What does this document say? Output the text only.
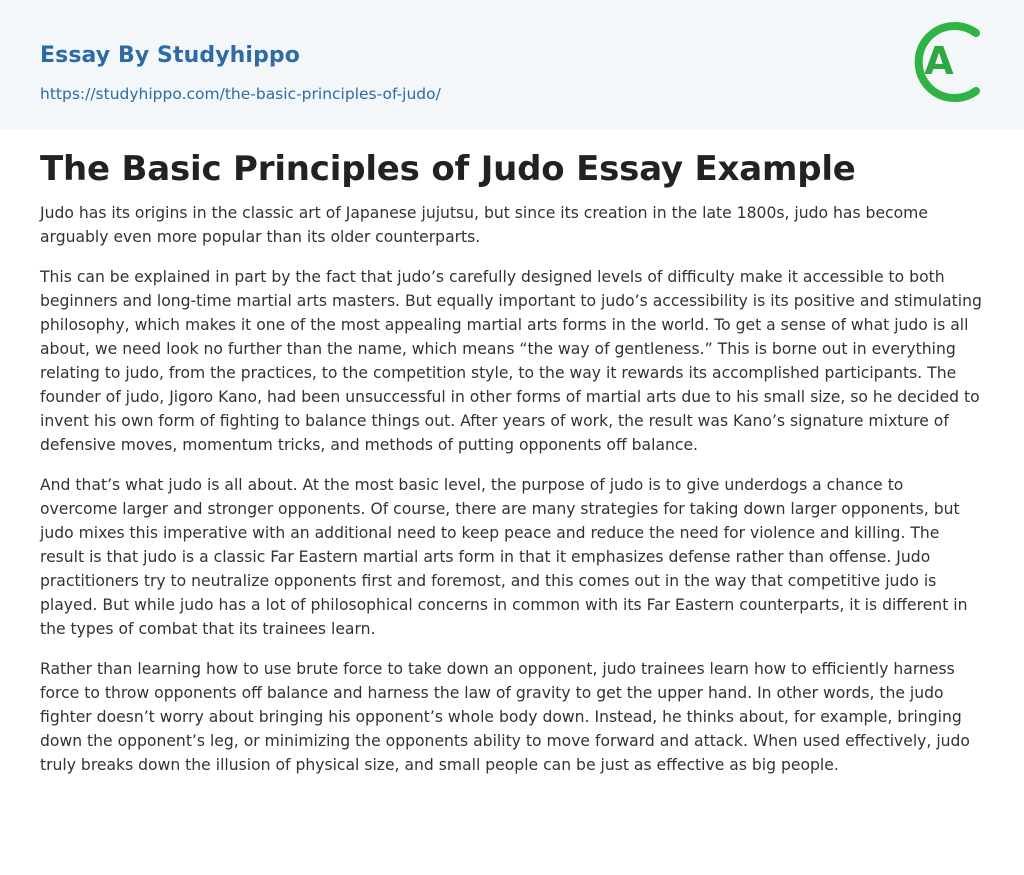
Essay By Studyhippo
https://studyhippo.com/the-basic-principles-of-judo/
A
The Basic Principles of Judo Essay Example

Judo has its origins in the classic art of Japanese jujutsu, but since its creation in the late 1800s, judo has become arguably even more popular than its older counterparts.

This can be explained in part by the fact that judo’s carefully designed levels of difficulty make it accessible to both beginners and long-time martial arts masters. But equally important to judo’s accessibility is its positive and stimulating philosophy, which makes it one of the most appealing martial arts forms in the world. To get a sense of what judo is all about, we need look no further than the name, which means “the way of gentleness.” This is borne out in everything relating to judo, from the practices, to the competition style, to the way it rewards its accomplished participants. The founder of judo, Jigoro Kano, had been unsuccessful in other forms of martial arts due to his small size, so he decided to invent his own form of fighting to balance things out. After years of work, the result was Kano’s signature mixture of defensive moves, momentum tricks, and methods of putting opponents off balance.

And that’s what judo is all about. At the most basic level, the purpose of judo is to give underdogs a chance to overcome larger and stronger opponents. Of course, there are many strategies for taking down larger opponents, but judo mixes this imperative with an additional need to keep peace and reduce the need for violence and killing. The result is that judo is a classic Far Eastern martial arts form in that it emphasizes defense rather than offense. Judo practitioners try to neutralize opponents first and foremost, and this comes out in the way that competitive judo is played. But while judo has a lot of philosophical concerns in common with its Far Eastern counterparts, it is different in the types of combat that its trainees learn.

Rather than learning how to use brute force to take down an opponent, judo trainees learn how to efficiently harness force to throw opponents off balance and harness the law of gravity to get the upper hand. In other words, the judo fighter doesn’t worry about bringing his opponent’s whole body down. Instead, he thinks about, for example, bringing down the opponent’s leg, or minimizing the opponents ability to move forward and attack. When used effectively, judo truly breaks down the illusion of physical size, and small people can be just as effective as big people.
